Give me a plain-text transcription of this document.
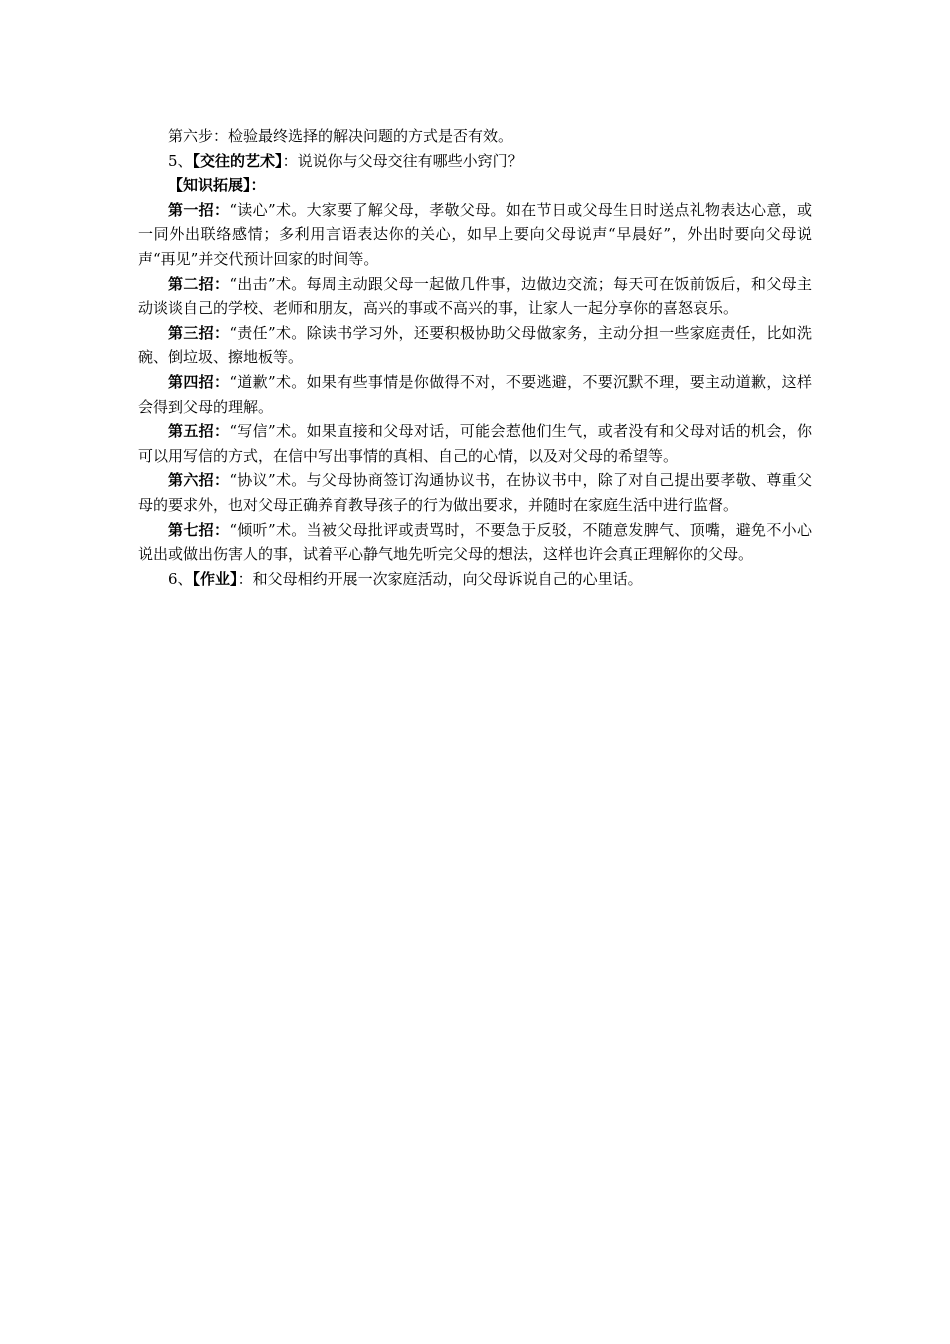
第六步：检验最终选择的解决问题的方式是否有效。

5、【交往的艺术】：说说你与父母交往有哪些小窍门？

【知识拓展】：

第一招：“读心”术。大家要了解父母，孝敬父母。如在节日或父母生日时送点礼物表达心意，或一同外出联络感情；多利用言语表达你的关心，如早上要向父母说声“早晨好”，外出时要向父母说声“再见”并交代预计回家的时间等。

第二招：“出击”术。每周主动跟父母一起做几件事，边做边交流；每天可在饭前饭后，和父母主动谈谈自己的学校、老师和朋友，高兴的事或不高兴的事，让家人一起分享你的喜怒哀乐。

第三招：“责任”术。除读书学习外，还要积极协助父母做家务，主动分担一些家庭责任，比如洗碗、倒垃圾、擦地板等。

第四招：“道歉”术。如果有些事情是你做得不对，不要逃避，不要沉默不理，要主动道歉，这样会得到父母的理解。

第五招：“写信”术。如果直接和父母对话，可能会惹他们生气，或者没有和父母对话的机会，你可以用写信的方式，在信中写出事情的真相、自己的心情，以及对父母的希望等。

第六招：“协议”术。与父母协商签订沟通协议书，在协议书中，除了对自己提出要孝敬、尊重父母的要求外，也对父母正确养育教导孩子的行为做出要求，并随时在家庭生活中进行监督。

第七招：“倾听”术。当被父母批评或责骂时，不要急于反驳，不随意发脾气、顶嘴，避免不小心说出或做出伤害人的事，试着平心静气地先听完父母的想法，这样也许会真正理解你的父母。

6、【作业】：和父母相约开展一次家庭活动，向父母诉说自己的心里话。
